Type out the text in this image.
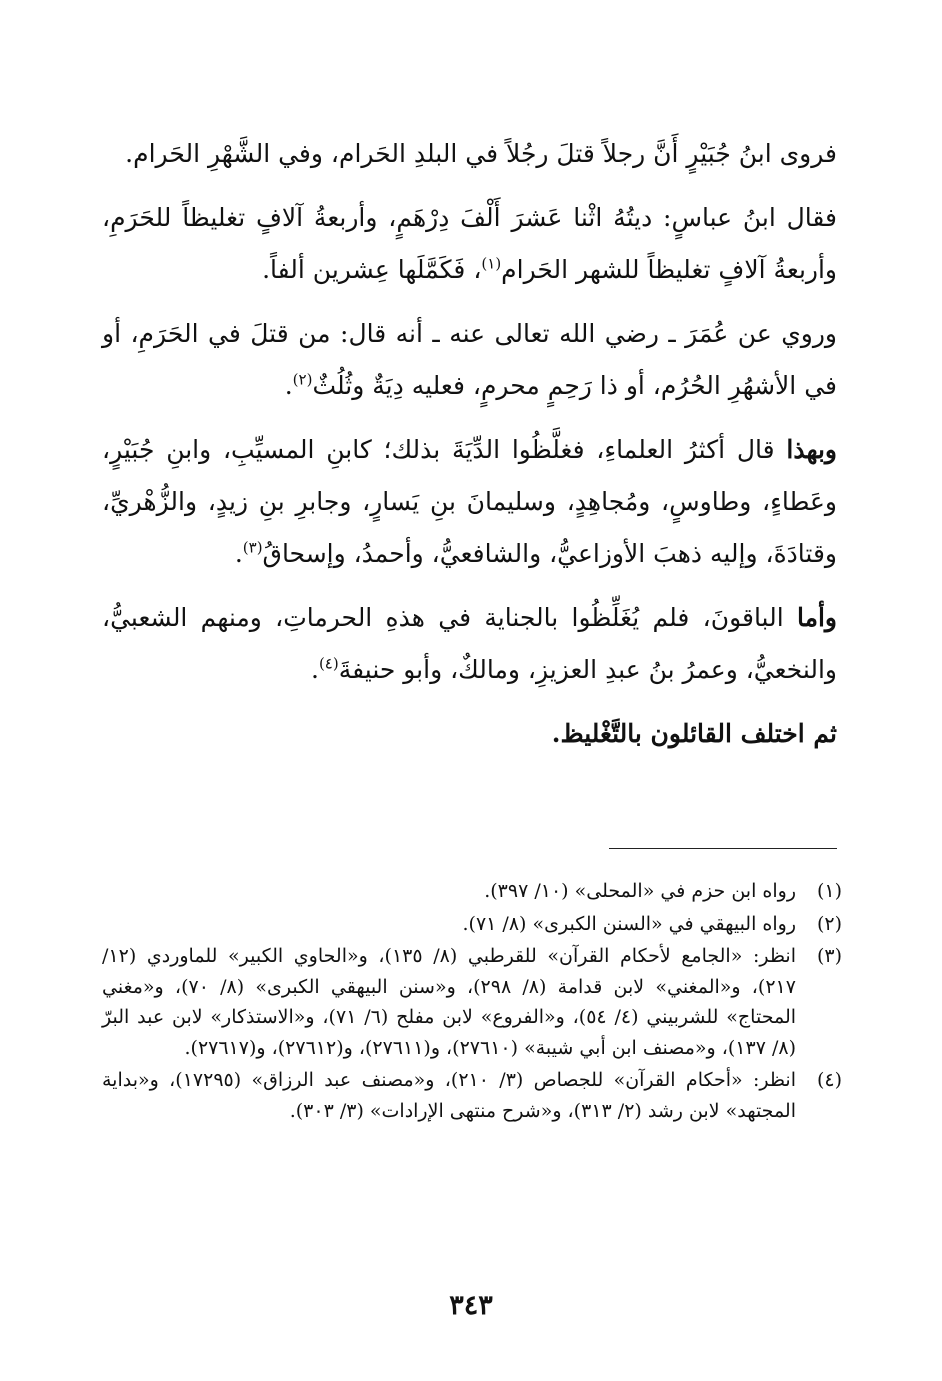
فروى ابنُ جُبَيْرٍ أَنَّ رجلاً قتلَ رجُلاً في البلدِ الحَرام، وفي الشَّهْرِ الحَرام.

فقال ابنُ عباسٍ: ديتُهُ اثْنا عَشرَ أَلْفَ دِرْهَمٍ، وأربعةُ آلافٍ تغليظاً للحَرَمِ، وأربعةُ آلافٍ تغليظاً للشهر الحَرام$^{(١)}$، فَكَمَّلَها عِشرين ألفاً.

وروي عن عُمَرَ ـ رضي الله تعالى عنه ـ أنه قال: من قتلَ في الحَرَمِ، أو في الأشهُرِ الحُرُم، أو ذا رَحِمٍ محرمٍ، فعليه دِيَةٌ وثُلُثٌ$^{(٢)}$.

وبهذا قال أكثرُ العلماءِ، فغلَّظُوا الدِّيَةَ بذلك؛ كابنِ المسيِّبِ، وابنِ جُبَيْرٍ، وعَطاءٍ، وطاوسٍ، ومُجاهِدٍ، وسليمانَ بنِ يَسارٍ، وجابرِ بنِ زيدٍ، والزُّهْريِّ، وقتادَةَ، وإليه ذهبَ الأوزاعيُّ، والشافعيُّ، وأحمدُ، وإسحاقُ$^{(٣)}$.

وأما الباقونَ، فلم يُغَلِّظُوا بالجناية في هذهِ الحرماتِ، ومنهم الشعبيُّ، والنخعيُّ، وعمرُ بنُ عبدِ العزيزِ، ومالكٌ، وأبو حنيفةَ$^{(٤)}$.

ثم اختلف القائلون بالتَّغْليظ.

(١)
رواه ابن حزم في «المحلى» (١٠/ ٣٩٧).
(٢)
رواه البيهقي في «السنن الكبرى» (٨/ ٧١).
(٣)
انظر: «الجامع لأحكام القرآن» للقرطبي (٨/ ١٣٥)، و«الحاوي الكبير» للماوردي (١٢/ ٢١٧)، و«المغني» لابن قدامة (٨/ ٢٩٨)، و«سنن البيهقي الكبرى» (٨/ ٧٠)، و«مغني المحتاج» للشربيني (٤/ ٥٤)، و«الفروع» لابن مفلح (٦/ ٧١)، و«الاستذكار» لابن عبد البرّ (٨/ ١٣٧)، و«مصنف ابن أبي شيبة» (٢٧٦١٠)، و(٢٧٦١١)، و(٢٧٦١٢)، و(٢٧٦١٧).
(٤)
انظر: «أحكام القرآن» للجصاص (٣/ ٢١٠)، و«مصنف عبد الرزاق» (١٧٢٩٥)، و«بداية المجتهد» لابن رشد (٢/ ٣١٣)، و«شرح منتهى الإرادات» (٣/ ٣٠٣).
٣٤٣
